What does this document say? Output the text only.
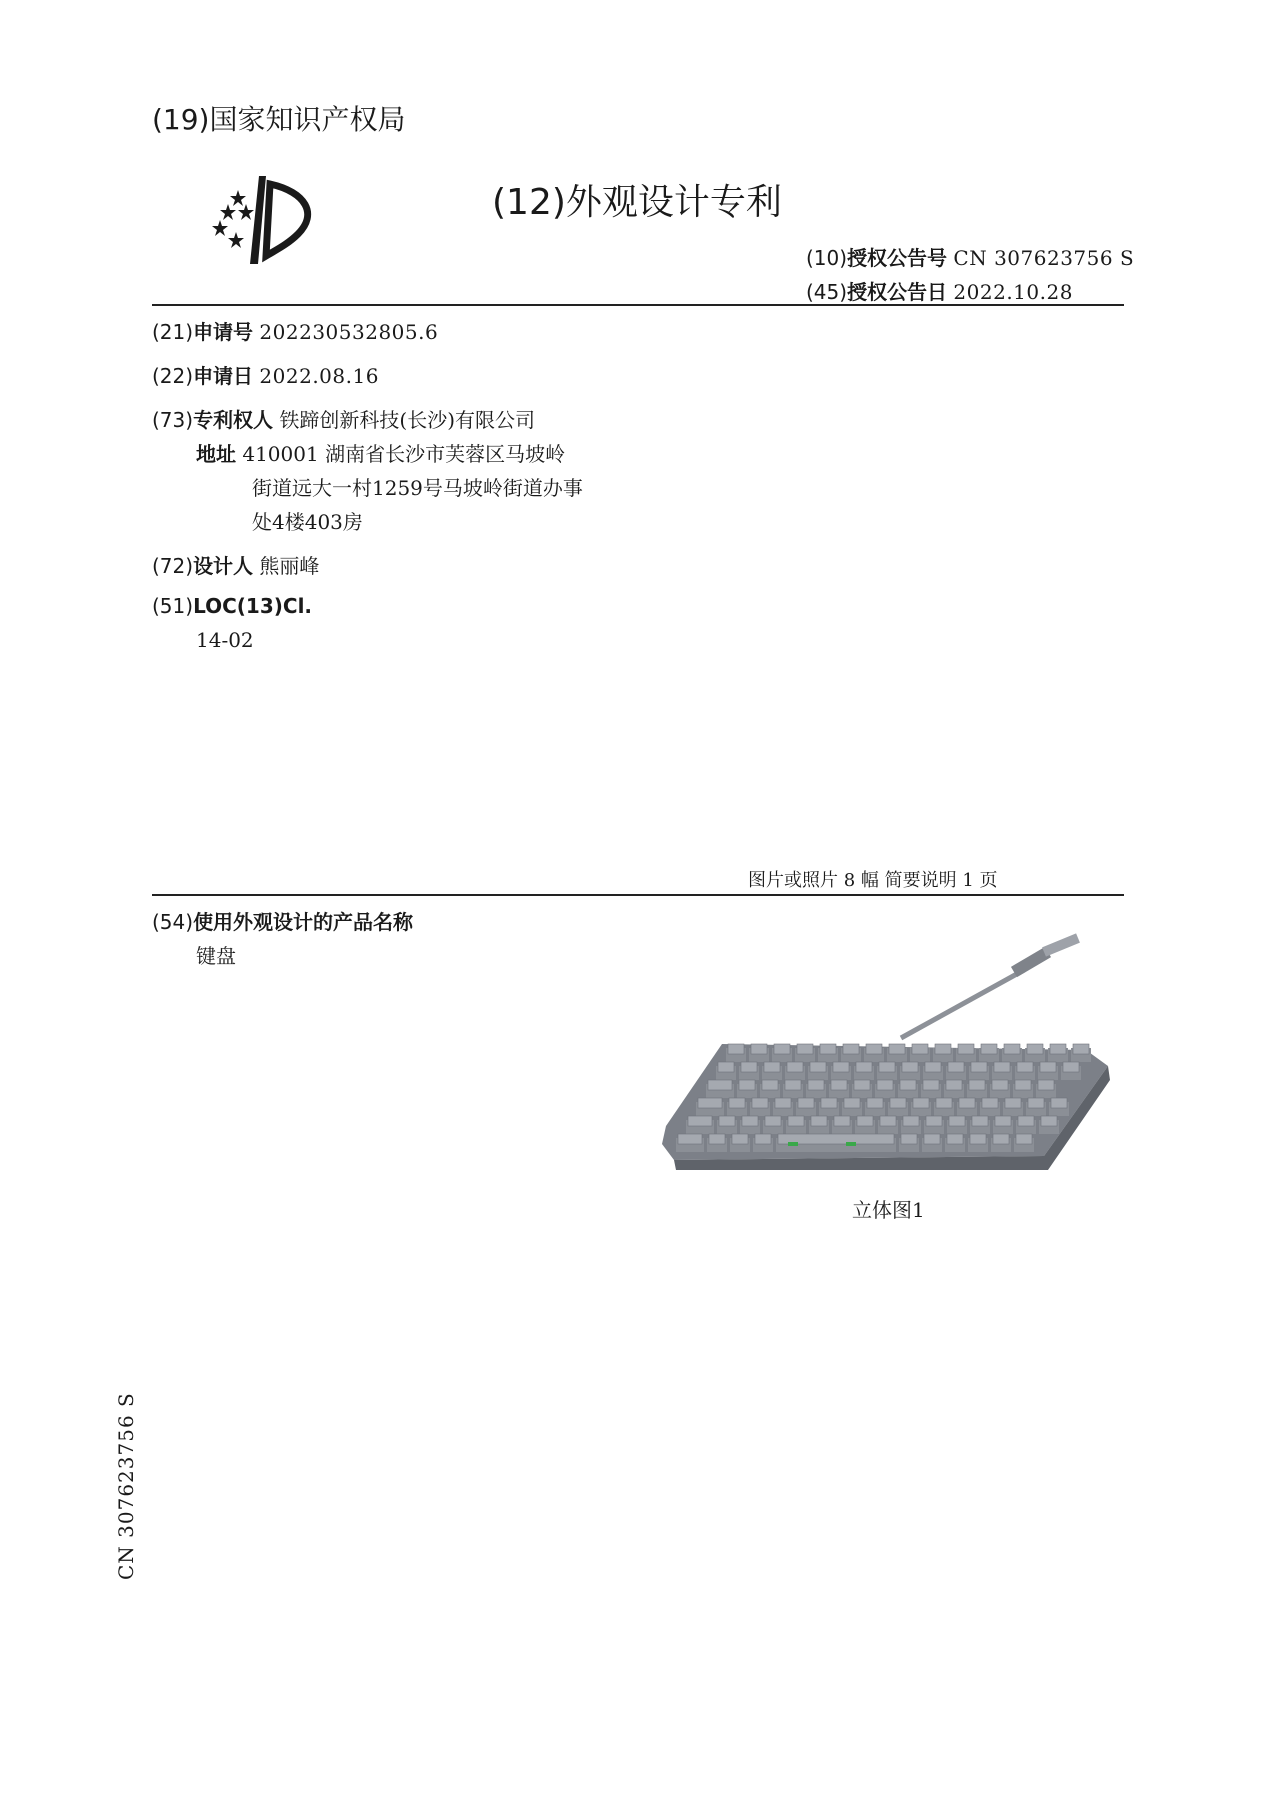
(19)国家知识产权局
(12)外观设计专利
(10)授权公告号 CN 307623756 S
(45)授权公告日 2022.10.28
(21)申请号 202230532805.6
(22)申请日 2022.08.16
(73)专利权人 铁蹄创新科技(长沙)有限公司
地址 410001 湖南省长沙市芙蓉区马坡岭
街道远大一村1259号马坡岭街道办事
处4楼403房
(72)设计人 熊丽峰
(51)LOC(13)Cl.
14-02
图片或照片 8 幅 简要说明 1 页
(54)使用外观设计的产品名称
键盘
立体图1
CN 307623756 S
